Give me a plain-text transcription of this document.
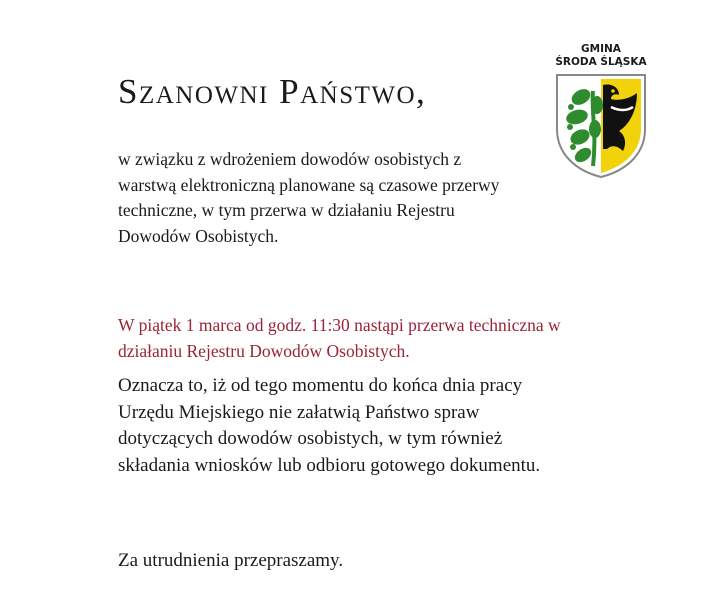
Szanowni Państwo,
w związku z wdrożeniem dowodów osobistych z warstwą elektroniczną planowane są czasowe przerwy techniczne, w tym przerwa w działaniu Rejestru Dowodów Osobistych.
W piątek 1 marca od godz. 11:30 nastąpi przerwa techniczna w działaniu Rejestru Dowodów Osobistych.
Oznacza to, iż od tego momentu do końca dnia pracy Urzędu Miejskiego nie załatwią Państwo spraw dotyczących dowodów osobistych, w tym również składania wniosków lub odbioru gotowego dokumentu.
Za utrudnienia przepraszamy.
GMINA
ŚRODA ŚLĄSKA
